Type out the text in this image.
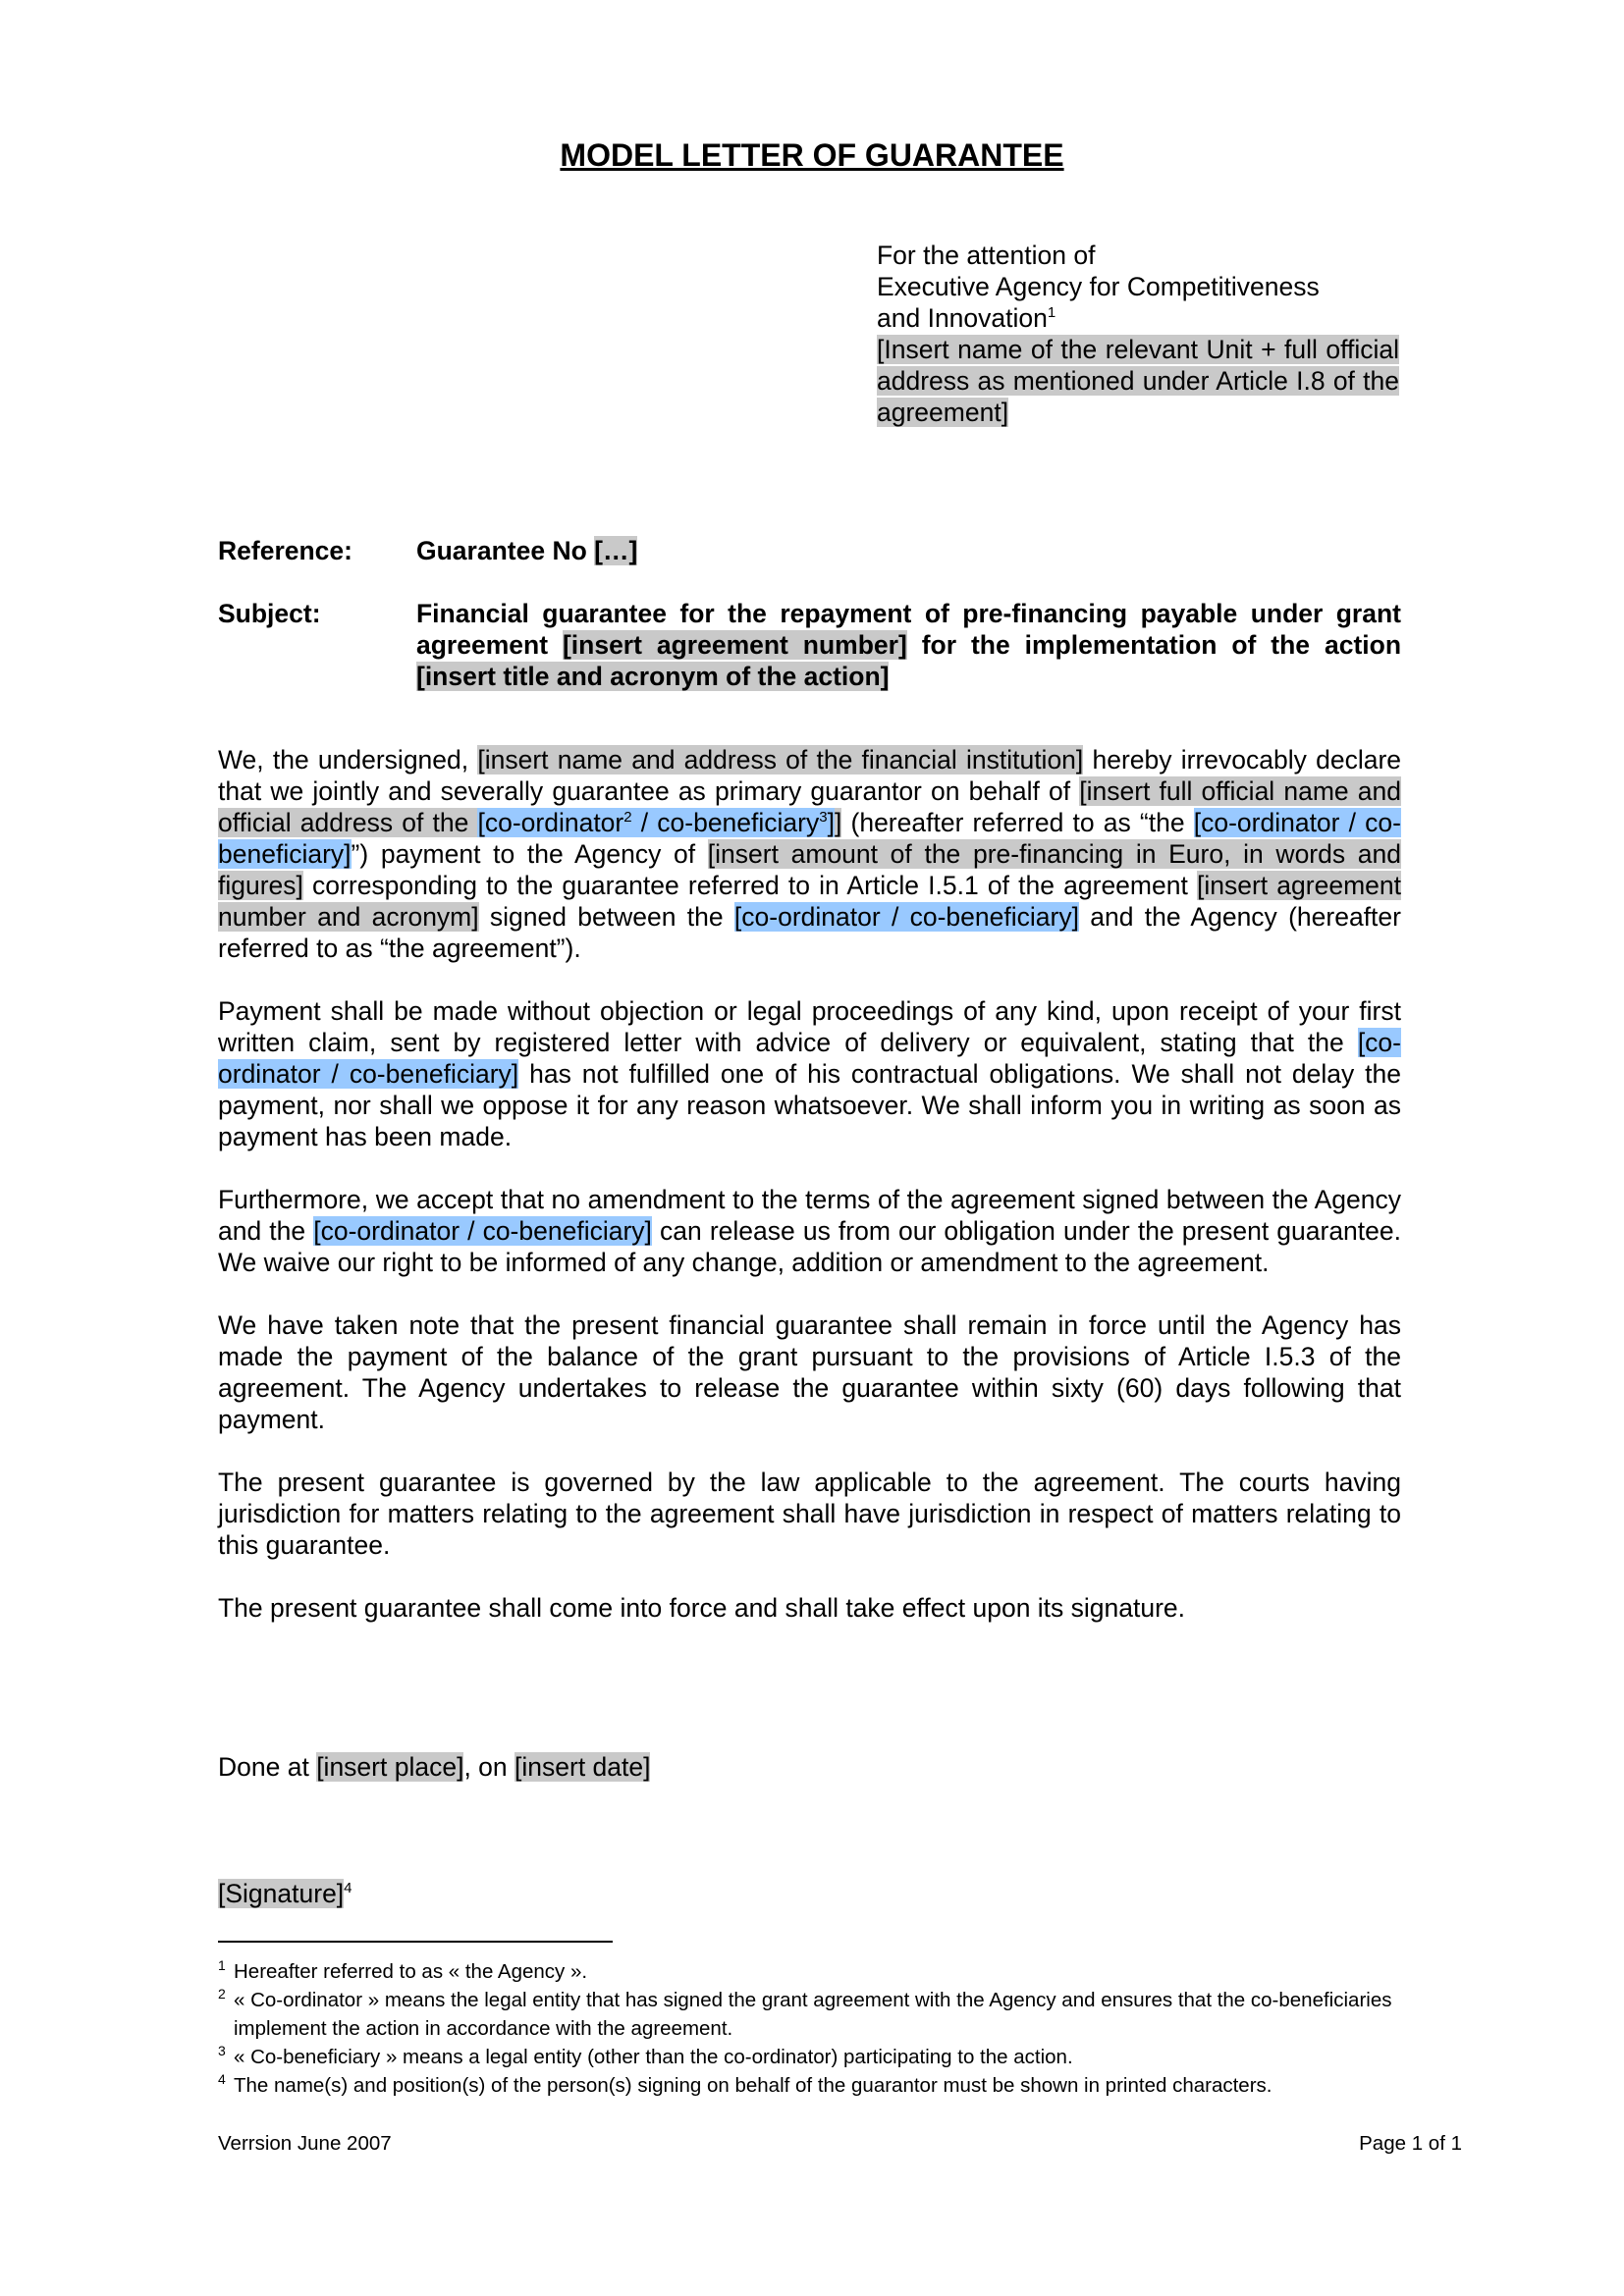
MODEL LETTER OF GUARANTEE
For the attention of
Executive Agency for Competitiveness
and Innovation$^1$
[Insert name of the relevant Unit + full official address as mentioned under Article I.8 of the agreement]
Reference:	Guarantee No […]
Subject:	Financial guarantee for the repayment of pre-financing payable under grant agreement [insert agreement number] for the implementation of the action [insert title and acronym of the action]

We, the undersigned, [insert name and address of the financial institution] hereby irrevocably declare that we jointly and severally guarantee as primary guarantor on behalf of [insert full official name and official address of the [co-ordinator$^2$ / co-beneficiary$^3$]] (hereafter referred to as “the [co-ordinator / co-beneficiary]”) payment to the Agency of [insert amount of the pre-financing in Euro, in words and figures] corresponding to the guarantee referred to in Article I.5.1 of the agreement [insert agreement number and acronym] signed between the [co-ordinator / co-beneficiary] and the Agency (hereafter referred to as “the agreement”).

Payment shall be made without objection or legal proceedings of any kind, upon receipt of your first written claim, sent by registered letter with advice of delivery or equivalent, stating that the [co-ordinator / co-beneficiary] has not fulfilled one of his contractual obligations. We shall not delay the payment, nor shall we oppose it for any reason whatsoever. We shall inform you in writing as soon as payment has been made.

Furthermore, we accept that no amendment to the terms of the agreement signed between the Agency and the [co-ordinator / co-beneficiary] can release us from our obligation under the present guarantee. We waive our right to be informed of any change, addition or amendment to the agreement.

We have taken note that the present financial guarantee shall remain in force until the Agency has made the payment of the balance of the grant pursuant to the provisions of Article I.5.3 of the agreement. The Agency undertakes to release the guarantee within sixty (60) days following that payment.

The present guarantee is governed by the law applicable to the agreement. The courts having jurisdiction for matters relating to the agreement shall have jurisdiction in respect of matters relating to this guarantee.

The present guarantee shall come into force and shall take effect upon its signature.

Done at [insert place], on [insert date]
[Signature]$^4$
1 Hereafter referred to as « the Agency ».
2 « Co-ordinator » means the legal entity that has signed the grant agreement with the Agency and ensures that the co-beneficiaries implement the action in accordance with the agreement.
3 « Co-beneficiary » means a legal entity (other than the co-ordinator) participating to the action.
4 The name(s) and position(s) of the person(s) signing on behalf of the guarantor must be shown in printed characters.
Verrsion June 2007	Page 1 of 1
